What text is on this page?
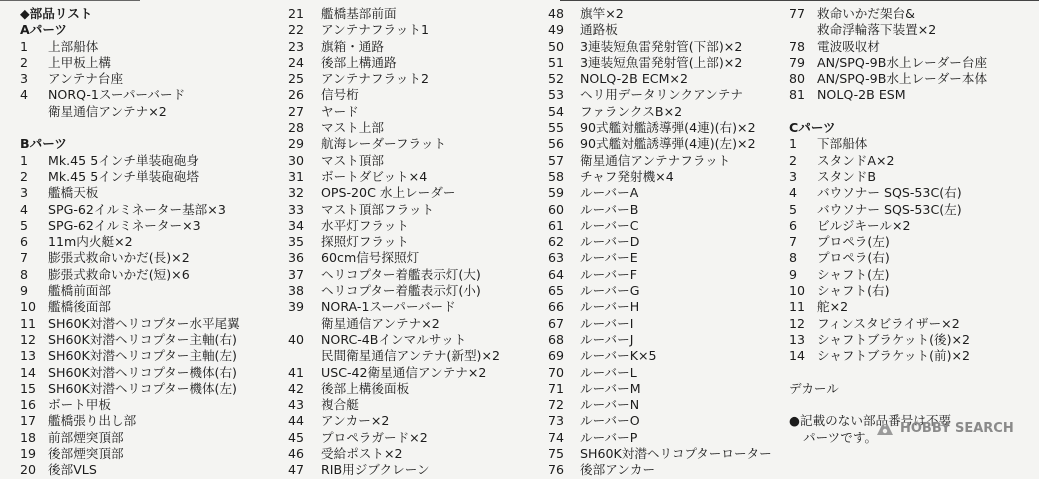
◆部品リスト
Aパーツ
1	上部船体
2	上甲板上構
3	アンテナ台座
4	NORQ-1スーパーバード
衛星通信アンテナ×2
Bパーツ
1	Mk.45 5インチ単装砲砲身
2	Mk.45 5インチ単装砲砲塔
3	艦橋天板
4	SPG-62イルミネーター基部×3
5	SPG-62イルミネーター×3
6	11m内火艇×2
7	膨張式救命いかだ(長)×2
8	膨張式救命いかだ(短)×6
9	艦橋前面部
10 艦橋後面部
11 SH60K対潜ヘリコプター水平尾翼
12 SH60K対潜ヘリコプター主軸(右)
13 SH60K対潜ヘリコプター主軸(左)
14 SH60K対潜ヘリコプター機体(右)
15 SH60K対潜ヘリコプター機体(左)
16 ボート甲板
17 艦橋張り出し部
18 前部煙突頂部
19 後部煙突頂部
20 後部VLS
21	艦橋基部前面
22	アンテナフラット1
23	旗箱・通路
24	後部上構通路
25	アンテナフラット2
26	信号桁
27	ヤード
28	マスト上部
29	航海レーダーフラット
30	マスト頂部
31	ボートダビット×4
32	OPS-20C 水上レーダー
33	マスト頂部フラット
34	水平灯フラット
35	探照灯フラット
36	60cm信号探照灯
37	ヘリコプター着艦表示灯(大)
38	ヘリコプター着艦表示灯(小)
39	NORA-1スーパーバード
衛星通信アンテナ×2
40	NORC-4Bインマルサット
民間衛星通信アンテナ(新型)×2
41	USC-42衛星通信アンテナ×2
42	後部上構後面板
43	複合艇
44	アンカー×2
45	プロペラガード×2
46	受給ポスト×2
47	RIB用ジブクレーン
48	旗竿×2
49	通路板
50	3連装短魚雷発射管(下部)×2
51	3連装短魚雷発射管(上部)×2
52	NOLQ-2B ECM×2
53	ヘリ用データリンクアンテナ
54	ファランクスB×2
55	90式艦対艦誘導弾(4連)(右)×2
56	90式艦対艦誘導弾(4連)(左)×2
57	衛星通信アンテナフラット
58	チャフ発射機×4
59	ルーバーA
60	ルーバーB
61	ルーバーC
62	ルーバーD
63	ルーバーE
64	ルーバーF
65	ルーバーG
66	ルーバーH
67	ルーバーI
68	ルーバーJ
69	ルーバーK×5
70	ルーバーL
71	ルーバーM
72	ルーバーN
73	ルーバーO
74	ルーバーP
75	SH60K対潜ヘリコプターローター
76	後部アンカー
77 救命いかだ架台&
救命浮輪落下装置×2
78 電波吸収材
79 AN/SPQ-9B水上レーダー台座
80 AN/SPQ-9B水上レーダー本体
81 NOLQ-2B ESM
Cパーツ
1	下部船体
2	スタンドA×2
3	スタンドB
4	バウソナー SQS-53C(右)
5	バウソナー SQS-53C(左)
6	ビルジキール×2
7	プロペラ(左)
8	プロペラ(右)
9	シャフト(左)
10 シャフト(右)
11 舵×2
12 フィンスタビライザー×2
13 シャフトブラケット(後)×2
14 シャフトブラケット(前)×2
デカール
●記載のない部品番号は不要
パーツです。
HOBBY SEARCH
